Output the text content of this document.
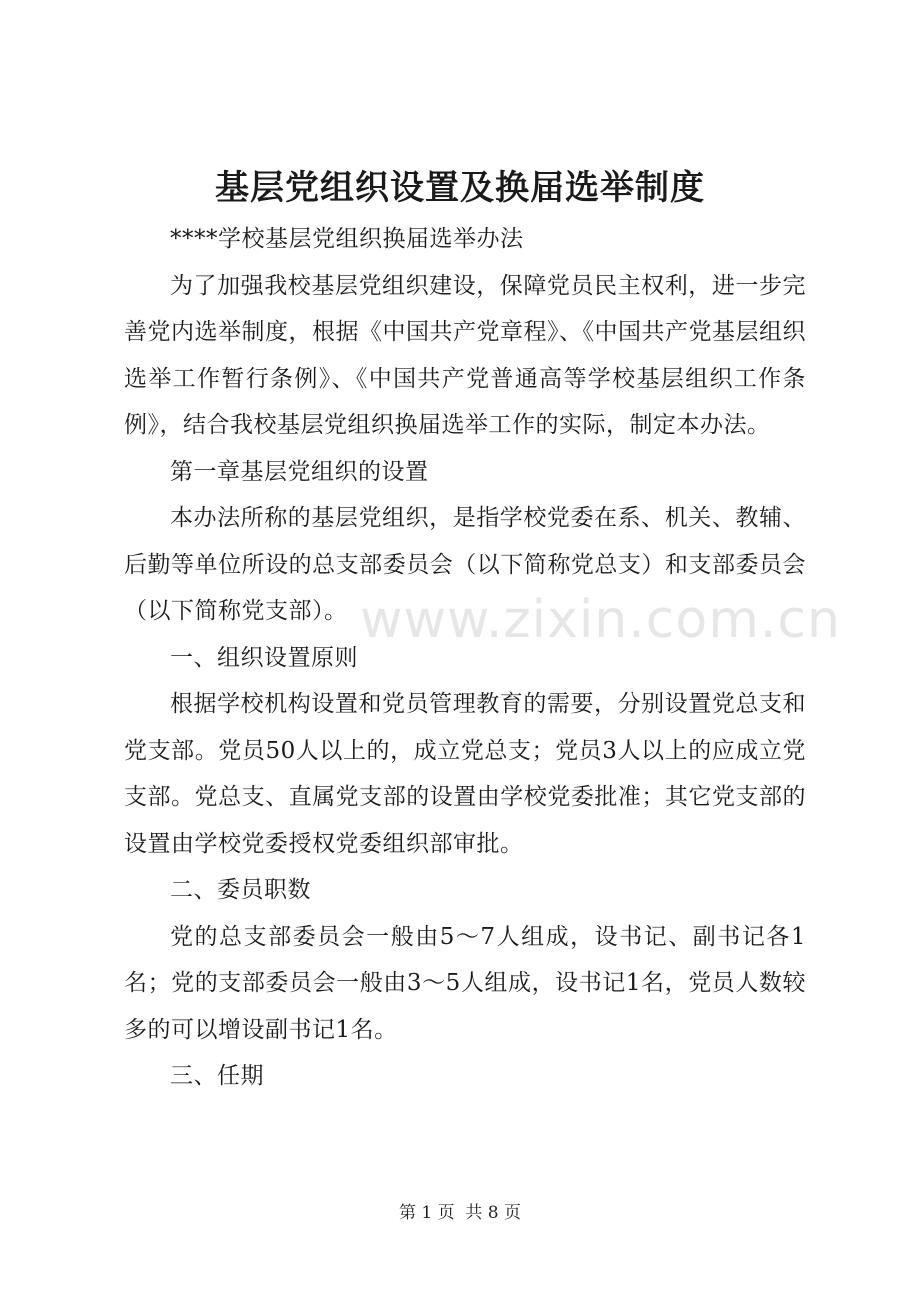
基层党组织设置及换届选举制度

****学校基层党组织换届选举办法

为了加强我校基层党组织建设，保障党员民主权利，进一步完善党内选举制度，根据《中国共产党章程》、《中国共产党基层组织选举工作暂行条例》、《中国共产党普通高等学校基层组织工作条例》，结合我校基层党组织换届选举工作的实际，制定本办法。

第一章基层党组织的设置

本办法所称的基层党组织，是指学校党委在系、机关、教辅、后勤等单位所设的总支部委员会（以下简称党总支）和支部委员会（以下简称党支部）。

一、组织设置原则

根据学校机构设置和党员管理教育的需要，分别设置党总支和党支部。党员50人以上的，成立党总支；党员3人以上的应成立党支部。党总支、直属党支部的设置由学校党委批准；其它党支部的设置由学校党委授权党委组织部审批。

二、委员职数

党的总支部委员会一般由5～7人组成，设书记、副书记各1名；党的支部委员会一般由3～5人组成，设书记1名，党员人数较多的可以增设副书记1名。

三、任期

www.zixin.com.cn
第 1 页 共 8 页
